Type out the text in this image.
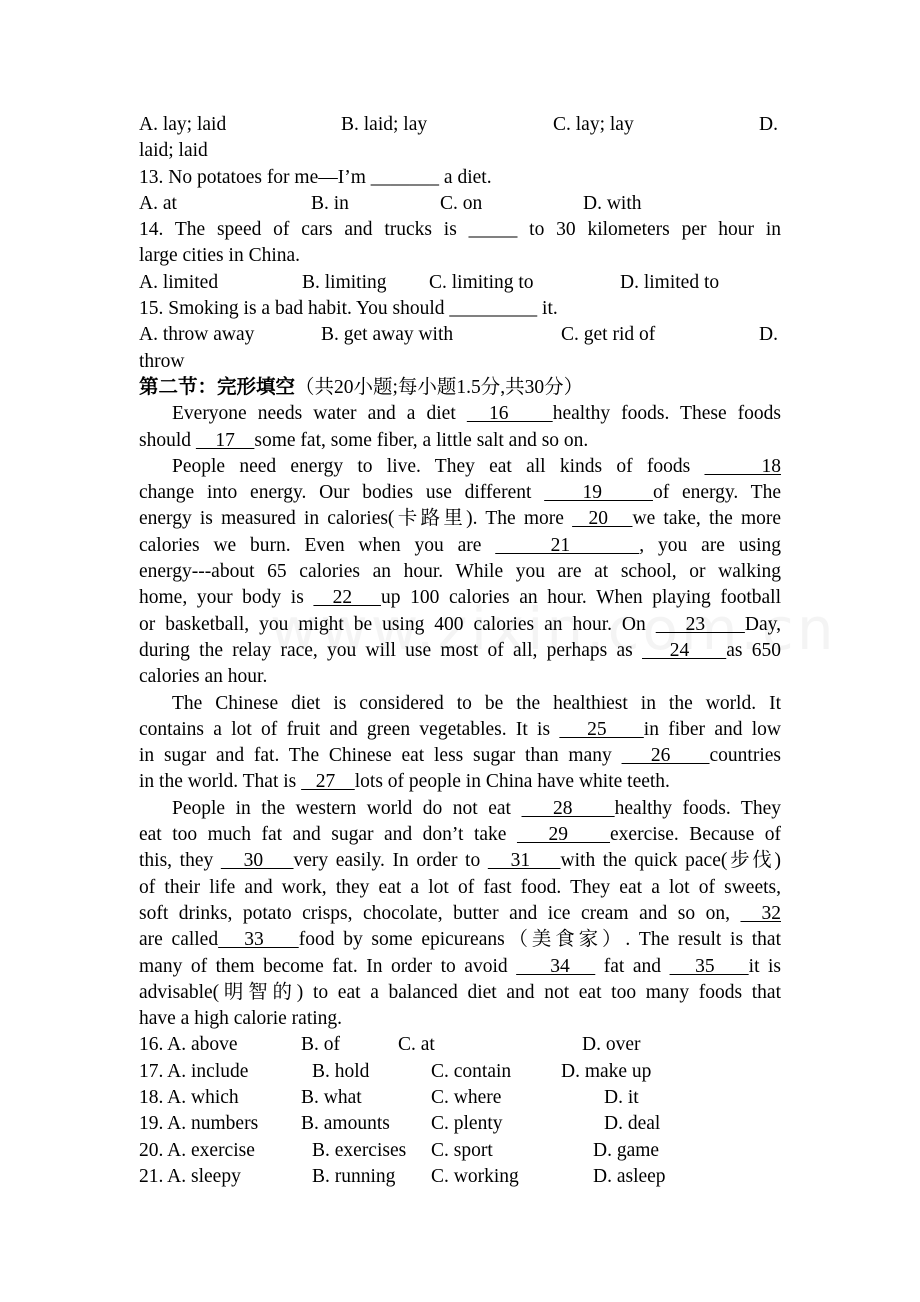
A. lay; laid	B. laid; lay	C. lay; lay	D.
laid; laid
13. No potatoes for me—I’m _______ a diet.
A. at	B. in	C. on	D. with
14. The speed of cars and trucks is _____ to 30 kilometers per hour in
large cities in China.
A. limited	B. limiting C. limiting to	D. limited to
15. Smoking is a bad habit. You should _________ it.
A. throw away	B. get away with	C. get rid of	D.
throw
第二节：完形填空（共20小题;每小题1.5分,共30分）
Everyone needs water and a diet   16    healthy foods. These foods
should     17    some fat, some fiber, a little salt and so on.
People need energy to live. They eat all kinds of foods     18
change into energy. Our bodies use different    19    of energy. The
energy is measured in calories(卡路里). The more   20   we take, the more
calories we burn. Even when you are     21     , you are using
energy---about 65 calories an hour. While you are at school, or walking
home, your body is   22   up 100 calories an hour. When playing football
or basketball, you might be using 400 calories an hour. On    23    Day,
during the relay race, you will use most of all, perhaps as    24    as 650
calories an hour.
The Chinese diet is considered to be the healthiest in the world. It
contains a lot of fruit and green vegetables. It is    25    in fiber and low
in sugar and fat. The Chinese eat less sugar than many    26    countries
in the world. That is    27    lots of people in China have white teeth.
People in the western world do not eat    28    healthy foods. They
eat too much fat and sugar and don’t take    29    exercise. Because of
this, they    30    very easily. In order to    31    with the quick pace(步伐)
of their life and work, they eat a lot of fast food. They eat a lot of sweets,
soft drinks, potato crisps, chocolate, butter and ice cream and so on,   32
are called   33    food by some epicureans（美食家）. The result is that
many of them become fat. In order to avoid     34    fat and    35    it is
advisable(明智的) to eat a balanced diet and not eat too many foods that
have a high calorie rating.
16. A. above	B. of	C. at	D. over
17. A. include	B. hold	C. contain	D. make up
18. A. which	B. what	C. where	D. it
19. A. numbers B. amounts C. plenty	D. deal
20. A. exercise	B. exercises C. sport	D. game
21. A. sleepy	B. running C. working	D. asleep
